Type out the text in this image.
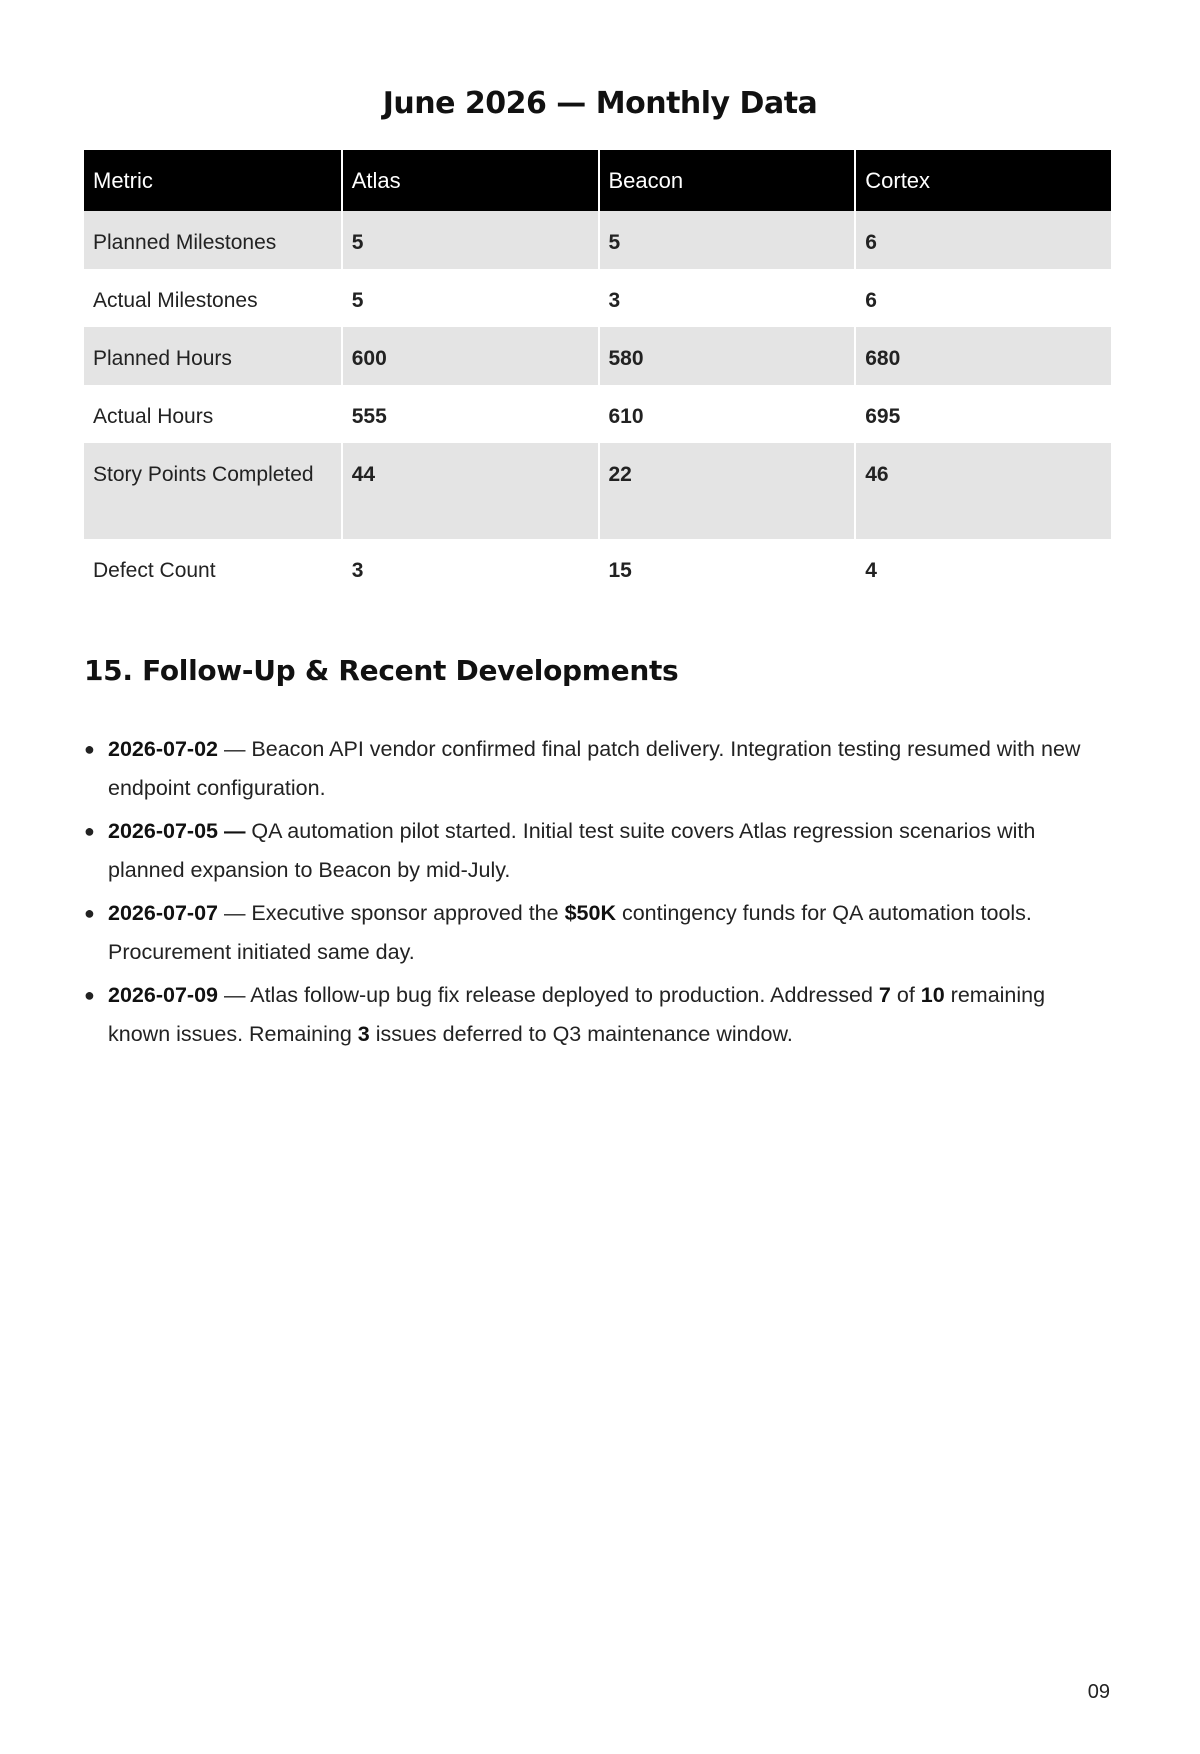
June 2026 — Monthly Data
Metric	Atlas	Beacon	Cortex
Planned Milestones	5	5	6
Actual Milestones	5	3	6
Planned Hours	600	580	680
Actual Hours	555	610	695
Story Points Completed	44	22	46
Defect Count	3	15	4
15. Follow-Up & Recent Developments
● 2026-07-02 — Beacon API vendor confirmed final patch delivery. Integration testing resumed with new endpoint configuration.
● 2026-07-05 — QA automation pilot started. Initial test suite covers Atlas regression scenarios with planned expansion to Beacon by mid-July.
● 2026-07-07 — Executive sponsor approved the $50K contingency funds for QA automation tools. Procurement initiated same day.
● 2026-07-09 — Atlas follow-up bug fix release deployed to production. Addressed 7 of 10 remaining known issues. Remaining 3 issues deferred to Q3 maintenance window.
09
